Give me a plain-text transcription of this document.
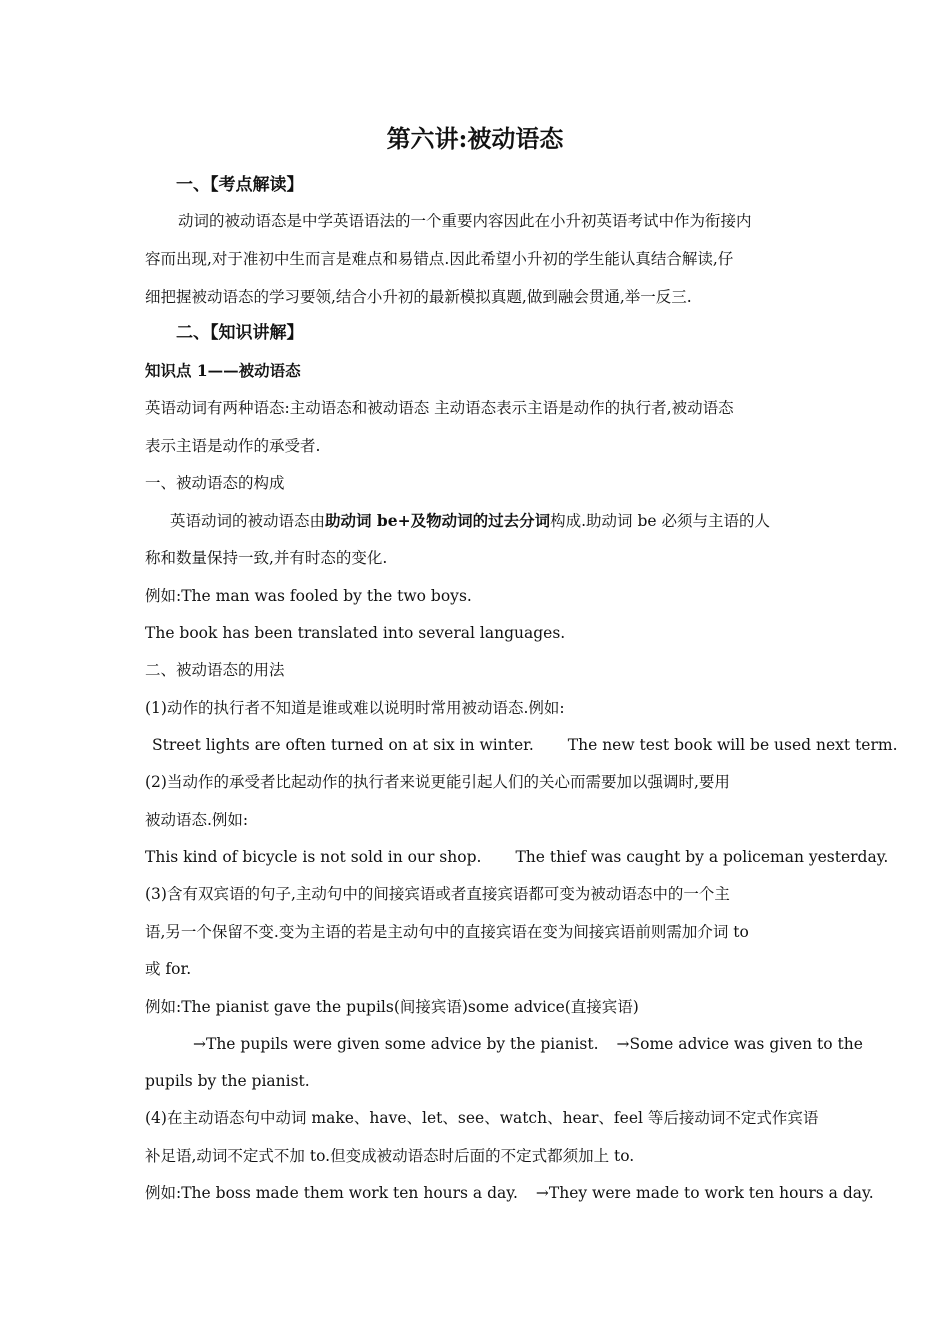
第六讲:被动语态
一、【考点解读】
动词的被动语态是中学英语语法的一个重要内容因此在小升初英语考试中作为衔接内
容而出现,对于准初中生而言是难点和易错点.因此希望小升初的学生能认真结合解读,仔
细把握被动语态的学习要领,结合小升初的最新模拟真题,做到融会贯通,举一反三.
二、【知识讲解】
知识点 1——被动语态
英语动词有两种语态:主动语态和被动语态 主动语态表示主语是动作的执行者,被动语态
表示主语是动作的承受者.
一、被动语态的构成
英语动词的被动语态由助动词 be+及物动词的过去分词构成.助动词 be 必须与主语的人
称和数量保持一致,并有时态的变化.
例如:The man was fooled by the two boys.
The book has been translated into several languages.
二、被动语态的用法
(1)动作的执行者不知道是谁或难以说明时常用被动语态.例如:
Street lights are often turned on at six in winter. The new test book will be used next term.
(2)当动作的承受者比起动作的执行者来说更能引起人们的关心而需要加以强调时,要用
被动语态.例如:
This kind of bicycle is not sold in our shop. The thief was caught by a policeman yesterday.
(3)含有双宾语的句子,主动句中的间接宾语或者直接宾语都可变为被动语态中的一个主
语,另一个保留不变.变为主语的若是主动句中的直接宾语在变为间接宾语前则需加介词 to
或 for.
例如:The pianist gave the pupils(间接宾语)some advice(直接宾语)
→The pupils were given some advice by the pianist. →Some advice was given to the
pupils by the pianist.
(4)在主动语态句中动词 make、have、let、see、watch、hear、feel 等后接动词不定式作宾语
补足语,动词不定式不加 to.但变成被动语态时后面的不定式都须加上 to.
例如:The boss made them work ten hours a day. →They were made to work ten hours a day.
